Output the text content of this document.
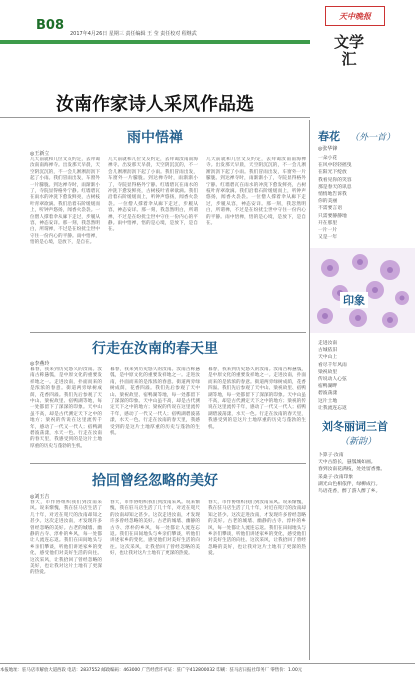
B08
2017年4月26日 星期三 责任编辑 王 莹 责任校对 程继武
天中晚报
文学汇
汝南作家诗人采风作品选
雨中悟禅
◎王新立
几天前就和几位文友约定，去拜谒汝南南海禅寺。出发那天早晨，天空阴沉沉的，不一会儿淅淅沥沥下起了小雨。我们冒雨出发，车窗外一片朦胧。到达禅寺时，雨渐渐小了，寺院显得格外宁静。红墙碧瓦在雨水的冲洗下愈发鲜亮，古树枝叶青翠欲滴。我们沿着石阶缓缓而上，听钟声悠扬，闻香火袅袅。一位僧人撑着伞从廊下走过，步履从容，神态安详。那一刻，我忽然明白，所谓禅，不过是在纷扰尘世中守住一份内心的平静。雨中悟禅，悟的是心境，是放下，是自在。
几天前就和几位文友约定，去拜谒汝南南海禅寺。出发那天早晨，天空阴沉沉的，不一会儿淅淅沥沥下起了小雨。我们冒雨出发，车窗外一片朦胧。到达禅寺时，雨渐渐小了，寺院显得格外宁静。红墙碧瓦在雨水的冲洗下愈发鲜亮，古树枝叶青翠欲滴。我们沿着石阶缓缓而上，听钟声悠扬，闻香火袅袅。一位僧人撑着伞从廊下走过，步履从容，神态安详。那一刻，我忽然明白，所谓禅，不过是在纷扰尘世中守住一份内心的平静。雨中悟禅，悟的是心境，是放下，是自在。
几天前就和几位文友约定，去拜谒汝南南海禅寺。出发那天早晨，天空阴沉沉的，不一会儿淅淅沥沥下起了小雨。我们冒雨出发，车窗外一片朦胧。到达禅寺时，雨渐渐小了，寺院显得格外宁静。红墙碧瓦在雨水的冲洗下愈发鲜亮，古树枝叶青翠欲滴。我们沿着石阶缓缓而上，听钟声悠扬，闻香火袅袅。一位僧人撑着伞从廊下走过，步履从容，神态安详。那一刻，我忽然明白，所谓禅，不过是在纷扰尘世中守住一份内心的平静。雨中悟禅，悟的是心境，是放下，是自在。
行走在汝南的春天里
◎李燕玲
暮春，我来到历史悠久的汝南。汝南古称悬瓠，是中原文化的重要发祥地之一。走进汝南，扑面而来的是浓浓的春意。街道两旁绿树成荫，花香四溢。我们先后参观了天中山、梁祝故里、宿鸭湖等地，每一处都留下了深深的印象。天中山虽不高，却是古代测定天下之中的地方；梁祝的传说在这里流传千年，感动了一代又一代人；宿鸭湖碧波荡漾，水天一色。行走在汝南的春天里，我感受到的是这片土地厚重的历史与蓬勃的生机。
暮春，我来到历史悠久的汝南。汝南古称悬瓠，是中原文化的重要发祥地之一。走进汝南，扑面而来的是浓浓的春意。街道两旁绿树成荫，花香四溢。我们先后参观了天中山、梁祝故里、宿鸭湖等地，每一处都留下了深深的印象。天中山虽不高，却是古代测定天下之中的地方；梁祝的传说在这里流传千年，感动了一代又一代人；宿鸭湖碧波荡漾，水天一色。行走在汝南的春天里，我感受到的是这片土地厚重的历史与蓬勃的生机。
暮春，我来到历史悠久的汝南。汝南古称悬瓠，是中原文化的重要发祥地之一。走进汝南，扑面而来的是浓浓的春意。街道两旁绿树成荫，花香四溢。我们先后参观了天中山、梁祝故里、宿鸭湖等地，每一处都留下了深深的印象。天中山虽不高，却是古代测定天下之中的地方；梁祝的传说在这里流传千年，感动了一代又一代人；宿鸭湖碧波荡漾，水天一色。行走在汝南的春天里，我感受到的是这片土地厚重的历史与蓬勃的生机。
拾回曾经忽略的美好
◎刘玉吉
春天，市作协组织我们到汝南采风。说来惭愧，我在驻马店生活了几十年，对近在咫尺的汝南却知之甚少。这次走进汝南，才发现许多曾经忽略的美好。古老的城墙、幽静的古寺、淳朴的乡风，每一处都让人流连忘返。我们在田间地头与乡亲们攀谈，听他们讲述家乡的变化，感受他们对美好生活的向往。这次采风，让我拾回了曾经忽略的美好，也让我对这片土地有了更深的热爱。
春天，市作协组织我们到汝南采风。说来惭愧，我在驻马店生活了几十年，对近在咫尺的汝南却知之甚少。这次走进汝南，才发现许多曾经忽略的美好。古老的城墙、幽静的古寺、淳朴的乡风，每一处都让人流连忘返。我们在田间地头与乡亲们攀谈，听他们讲述家乡的变化，感受他们对美好生活的向往。这次采风，让我拾回了曾经忽略的美好，也让我对这片土地有了更深的热爱。
春天，市作协组织我们到汝南采风。说来惭愧，我在驻马店生活了几十年，对近在咫尺的汝南却知之甚少。这次走进汝南，才发现许多曾经忽略的美好。古老的城墙、幽静的古寺、淳朴的乡风，每一处都让人流连忘返。我们在田间地头与乡亲们攀谈，听他们讲述家乡的变化，感受他们对美好生活的向往。这次采风，让我拾回了曾经忽略的美好，也让我对这片土地有了更深的热爱。
春花 （外一首）
◎张华锋
一朵小花
在风中轻轻摇曳
在阳光下绽放
我看见你的笑容
那是春天的讯息
悄悄地告诉我
你的美丽
不需要言语
只需要静静地
开在那里
一片一片
又是一年
印象
走进汝南
古城依旧
天中山上
看尽千年风雨
梁祝故里
传说动人心弦
宿鸭湖畔
碧波荡漾
这片土地
让我流连忘返
刘冬丽词三首
（新韵）
卜算子·汝南
天中古韵长，悬瓠城如画。
春到汝南花满枝，处处留香雅。
采桑子·汝南印象
湖光山色相依伴，绿柳成行。
鸟语花香，醉了游人醉了乡。
本报地址：驻马店市解放大道西段 电话：2837552 邮政编码：463000 广告经营许可证：驻广字412800032 印刷：驻马店日报社印务厂 零售价：1.00元
